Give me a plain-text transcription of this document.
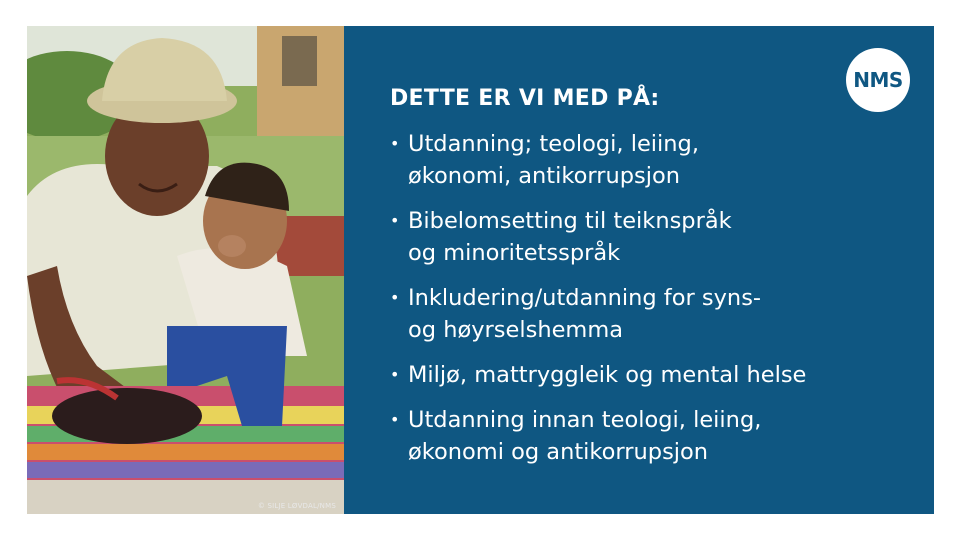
© SILJE LØVDAL/NMS
NMS
DETTE ER VI MED PÅ:
• Utdanning; teologi, leiing,
økonomi, antikorrupsjon
• Bibelomsetting til teiknspråk
og minoritetsspråk
• Inkludering/utdanning for syns-
og høyrselshemma
• Miljø, mattryggleik og mental helse
• Utdanning innan teologi, leiing,
økonomi og antikorrupsjon
